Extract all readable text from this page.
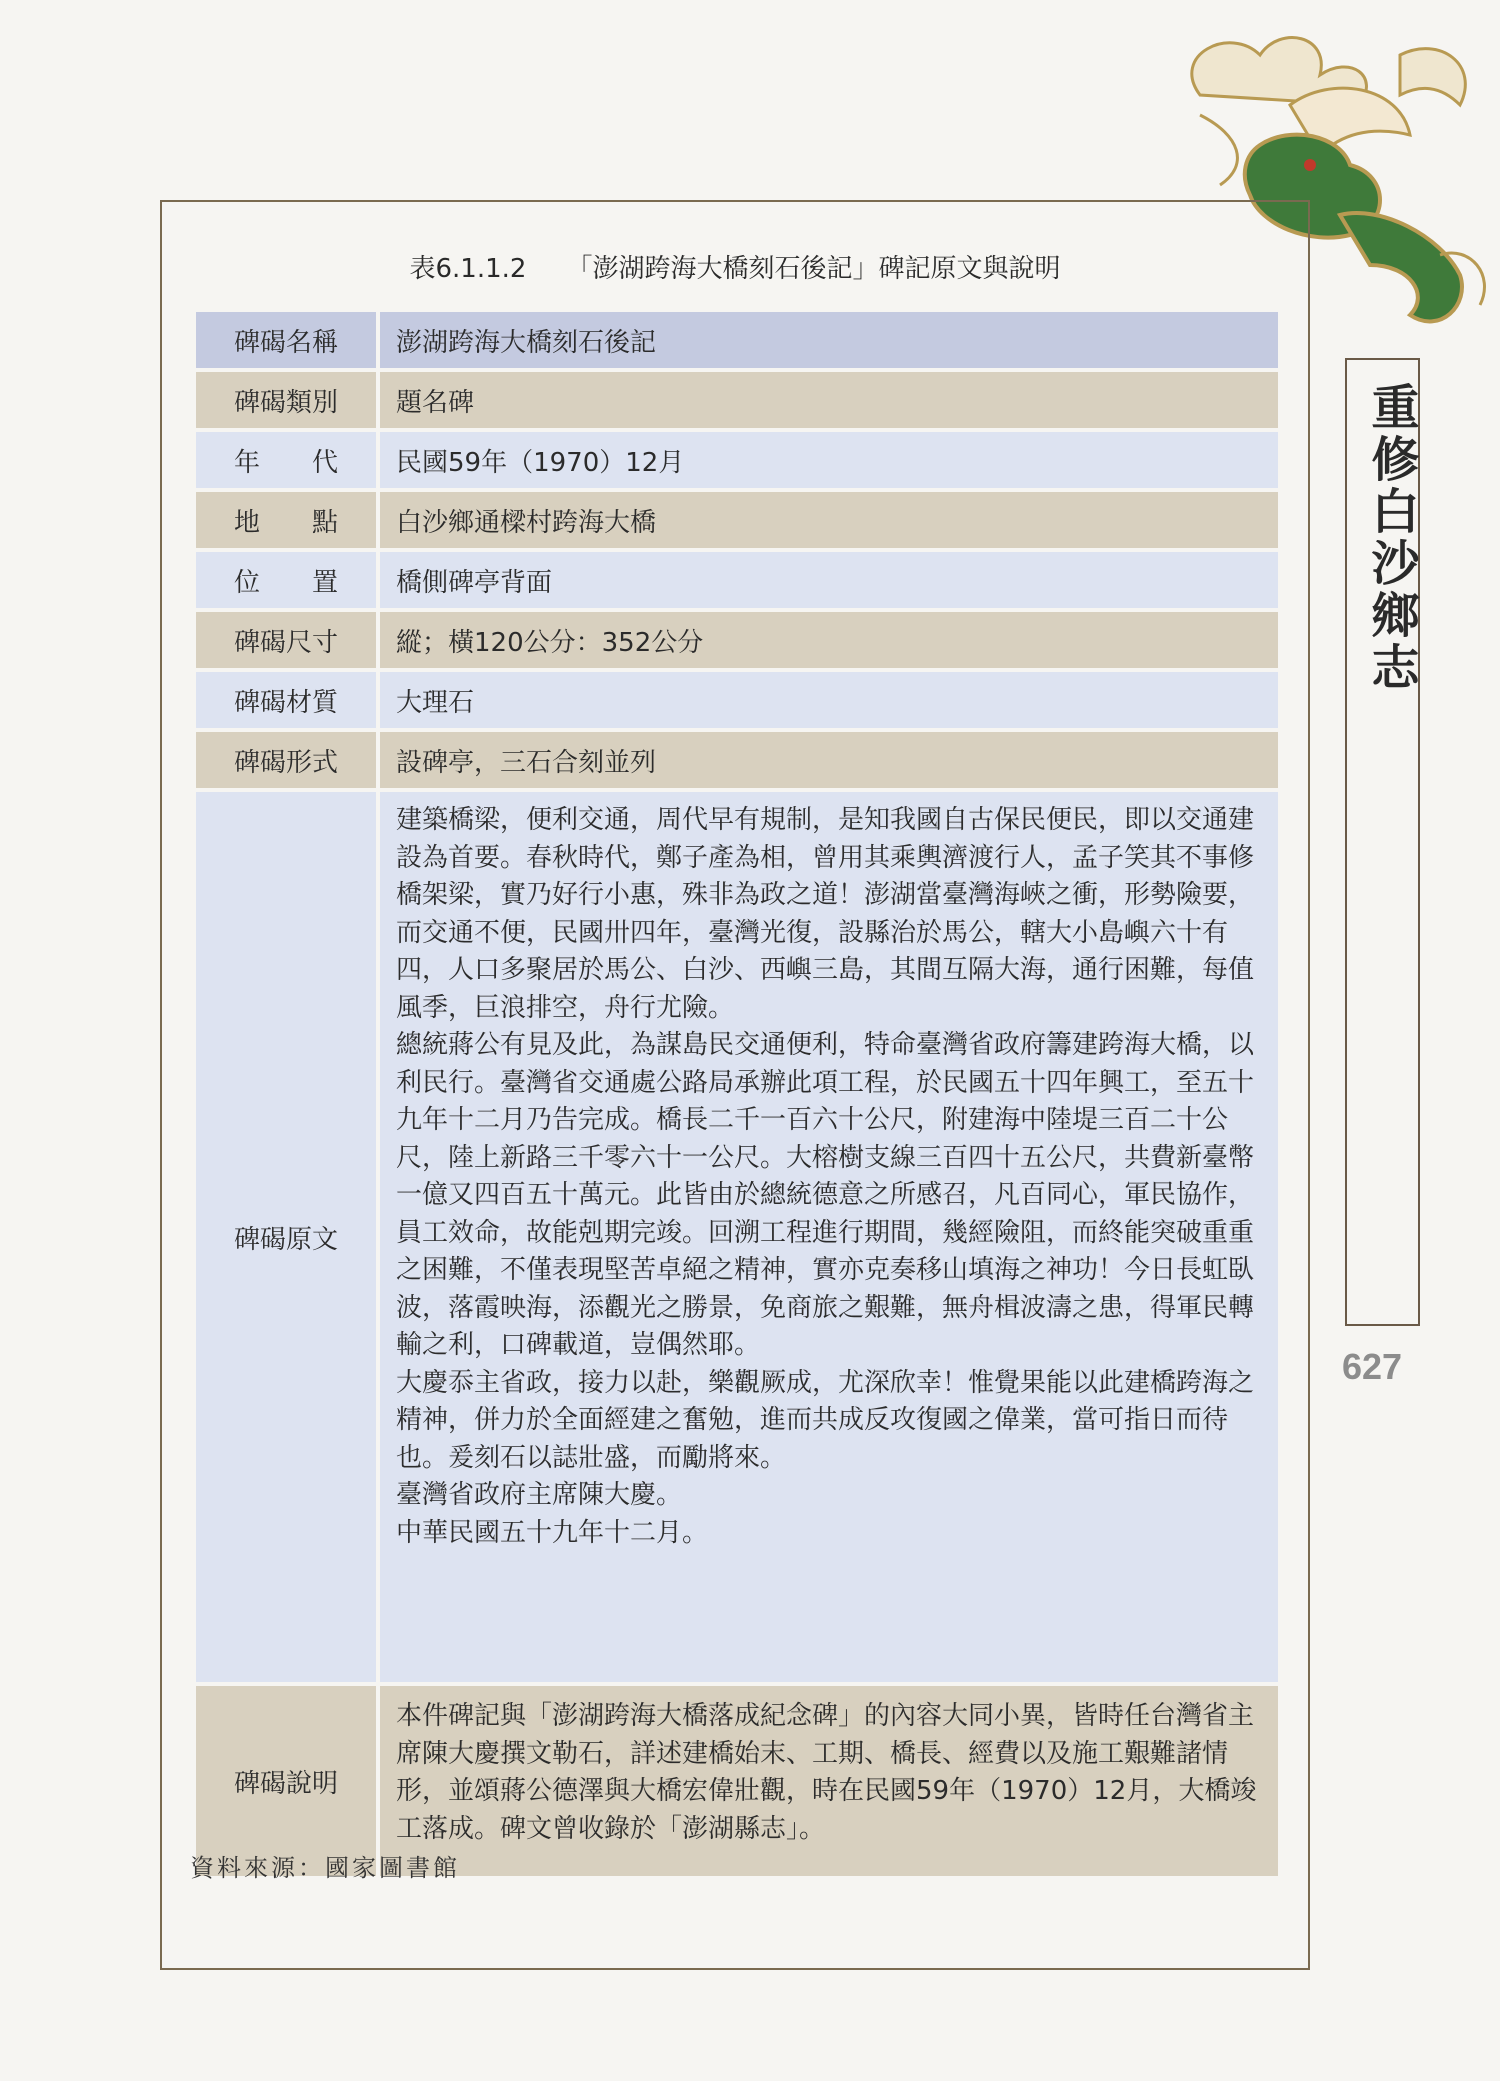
重修白沙鄉志
627
表6.1.1.2 「澎湖跨海大橋刻石後記」碑記原文與說明
碑碣名稱	澎湖跨海大橋刻石後記
碑碣類別	題名碑
年　　代	民國59年（1970）12月
地　　點	白沙鄉通樑村跨海大橋
位　　置	橋側碑亭背面
碑碣尺寸	縱；橫120公分：352公分
碑碣材質	大理石
碑碣形式	設碑亭，三石合刻並列
碑碣原文	建築橋梁，便利交通，周代早有規制，是知我國自古保民便民，即以交通建設為首要。春秋時代，鄭子產為相，曾用其乘輿濟渡行人，孟子笑其不事修橋架梁，實乃好行小惠，殊非為政之道！澎湖當臺灣海峽之衝，形勢險要，而交通不便，民國卅四年，臺灣光復，設縣治於馬公，轄大小島嶼六十有四，人口多聚居於馬公、白沙、西嶼三島，其間互隔大海，通行困難，每值風季，巨浪排空，舟行尤險。

總統蔣公有見及此，為謀島民交通便利，特命臺灣省政府籌建跨海大橋，以利民行。臺灣省交通處公路局承辦此項工程，於民國五十四年興工，至五十九年十二月乃告完成。橋長二千一百六十公尺，附建海中陸堤三百二十公尺，陸上新路三千零六十一公尺。大榕樹支線三百四十五公尺，共費新臺幣一億又四百五十萬元。此皆由於總統德意之所感召，凡百同心，軍民協作，員工效命，故能剋期完竣。回溯工程進行期間，幾經險阻，而終能突破重重之困難，不僅表現堅苦卓絕之精神，實亦克奏移山填海之神功！今日長虹臥波，落霞映海，添觀光之勝景，免商旅之艱難，無舟楫波濤之患，得軍民轉輸之利，口碑載道，豈偶然耶。

大慶忝主省政，接力以赴，樂觀厥成，尤深欣幸！惟覺果能以此建橋跨海之精神，併力於全面經建之奮勉，進而共成反攻復國之偉業，當可指日而待也。爰刻石以誌壯盛，而勵將來。

臺灣省政府主席陳大慶。

中華民國五十九年十二月。

碑碣說明	本件碑記與「澎湖跨海大橋落成紀念碑」的內容大同小異，皆時任台灣省主席陳大慶撰文勒石，詳述建橋始末、工期、橋長、經費以及施工艱難諸情形，並頌蔣公德澤與大橋宏偉壯觀，時在民國59年（1970）12月，大橋竣工落成。碑文曾收錄於「澎湖縣志」。
資料來源：國家圖書館
